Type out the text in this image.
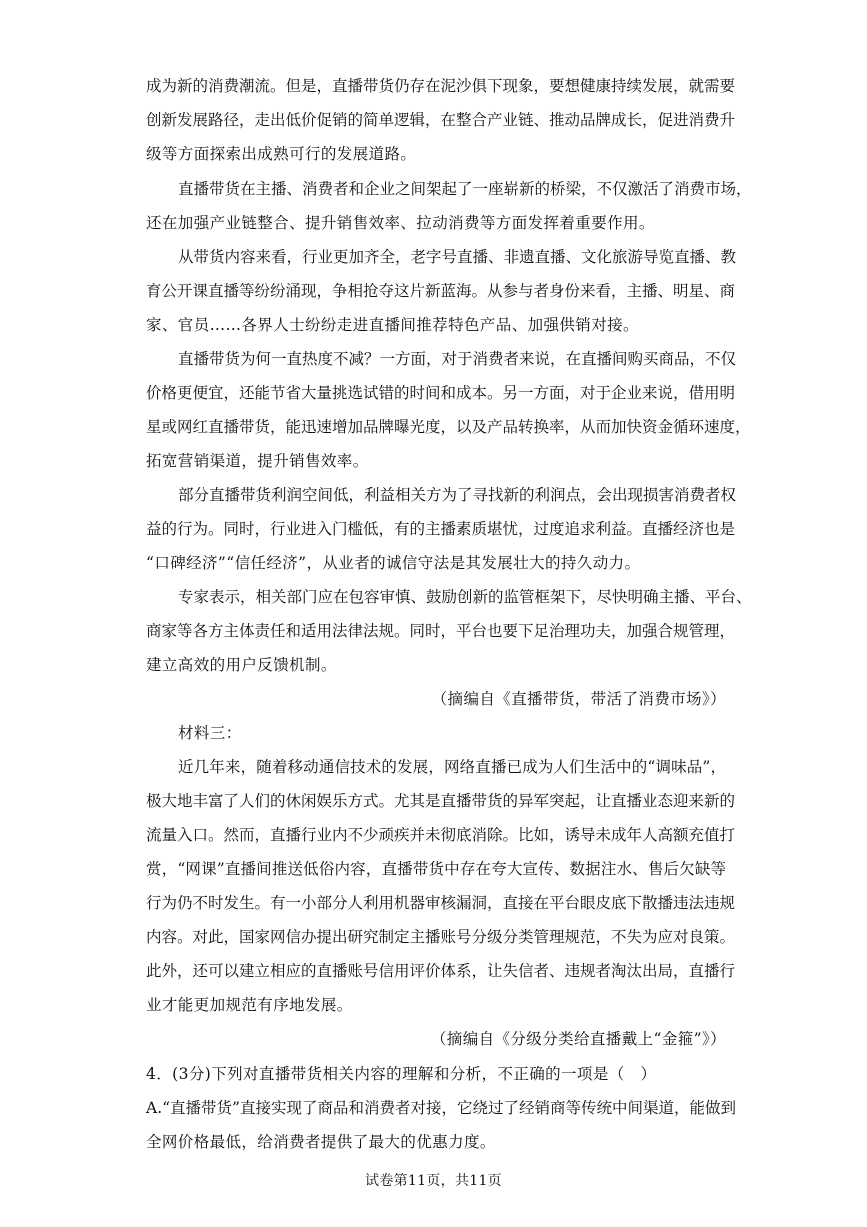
成为新的消费潮流。但是，直播带货仍存在泥沙俱下现象，要想健康持续发展，就需要
创新发展路径，走出低价促销的简单逻辑，在整合产业链、推动品牌成长，促进消费升
级等方面探索出成熟可行的发展道路。
直播带货在主播、消费者和企业之间架起了一座崭新的桥梁，不仅激活了消费市场，
还在加强产业链整合、提升销售效率、拉动消费等方面发挥着重要作用。
从带货内容来看，行业更加齐全，老字号直播、非遗直播、文化旅游导览直播、教
育公开课直播等纷纷涌现，争相抢夺这片新蓝海。从参与者身份来看，主播、明星、商
家、官员……各界人士纷纷走进直播间推荐特色产品、加强供销对接。
直播带货为何一直热度不减？一方面，对于消费者来说，在直播间购买商品，不仅
价格更便宜，还能节省大量挑选试错的时间和成本。另一方面，对于企业来说，借用明
星或网红直播带货，能迅速增加品牌曝光度，以及产品转换率，从而加快资金循环速度，
拓宽营销渠道，提升销售效率。
部分直播带货利润空间低，利益相关方为了寻找新的利润点，会出现损害消费者权
益的行为。同时，行业进入门槛低，有的主播素质堪忧，过度追求利益。直播经济也是
“口碑经济”“信任经济”，从业者的诚信守法是其发展壮大的持久动力。
专家表示，相关部门应在包容审慎、鼓励创新的监管框架下，尽快明确主播、平台、
商家等各方主体责任和适用法律法规。同时，平台也要下足治理功夫，加强合规管理，
建立高效的用户反馈机制。
（摘编自《直播带货，带活了消费市场》）
材料三：
近几年来，随着移动通信技术的发展，网络直播已成为人们生活中的“调味品”，
极大地丰富了人们的休闲娱乐方式。尤其是直播带货的异军突起，让直播业态迎来新的
流量入口。然而，直播行业内不少顽疾并未彻底消除。比如，诱导未成年人高额充值打
赏，“网课”直播间推送低俗内容，直播带货中存在夸大宣传、数据注水、售后欠缺等
行为仍不时发生。有一小部分人利用机器审核漏洞，直接在平台眼皮底下散播违法违规
内容。对此，国家网信办提出研究制定主播账号分级分类管理规范，不失为应对良策。
此外，还可以建立相应的直播账号信用评价体系，让失信者、违规者淘汰出局，直播行
业才能更加规范有序地发展。
（摘编自《分级分类给直播戴上“金箍”》）
4．(3分)下列对直播带货相关内容的理解和分析，不正确的一项是（　）
A.“直播带货”直接实现了商品和消费者对接，它绕过了经销商等传统中间渠道，能做到
全网价格最低，给消费者提供了最大的优惠力度。
试卷第11页，共11页
